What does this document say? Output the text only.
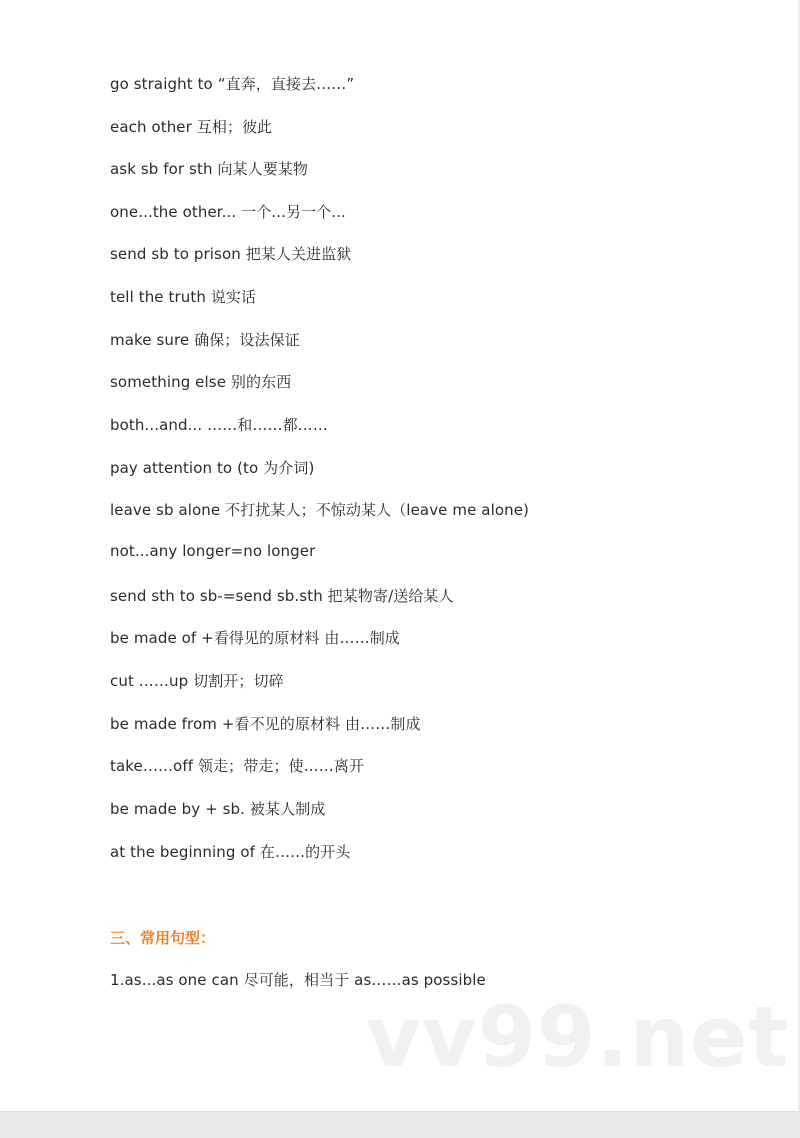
go straight to “直奔，直接去……”
each other 互相；彼此
ask sb for sth 向某人要某物
one...the other... 一个...另一个...
send sb to prison 把某人关进监狱
tell the truth 说实话
make sure 确保；设法保证
something else 别的东西
both...and... ……和……都……
pay attention to (to 为介词)
leave sb alone 不打扰某人；不惊动某人（leave me alone)
not...any longer=no longer
send sth to sb-=send sb.sth 把某物寄/送给某人
be made of +看得见的原材料 由……制成
cut ……up 切割开；切碎
be made from +看不见的原材料 由……制成
take……off 领走；带走；使……离开
be made by + sb. 被某人制成
at the beginning of 在……的开头
三、常用句型：
1.as...as one can 尽可能，相当于 as……as possible
vv99.net
